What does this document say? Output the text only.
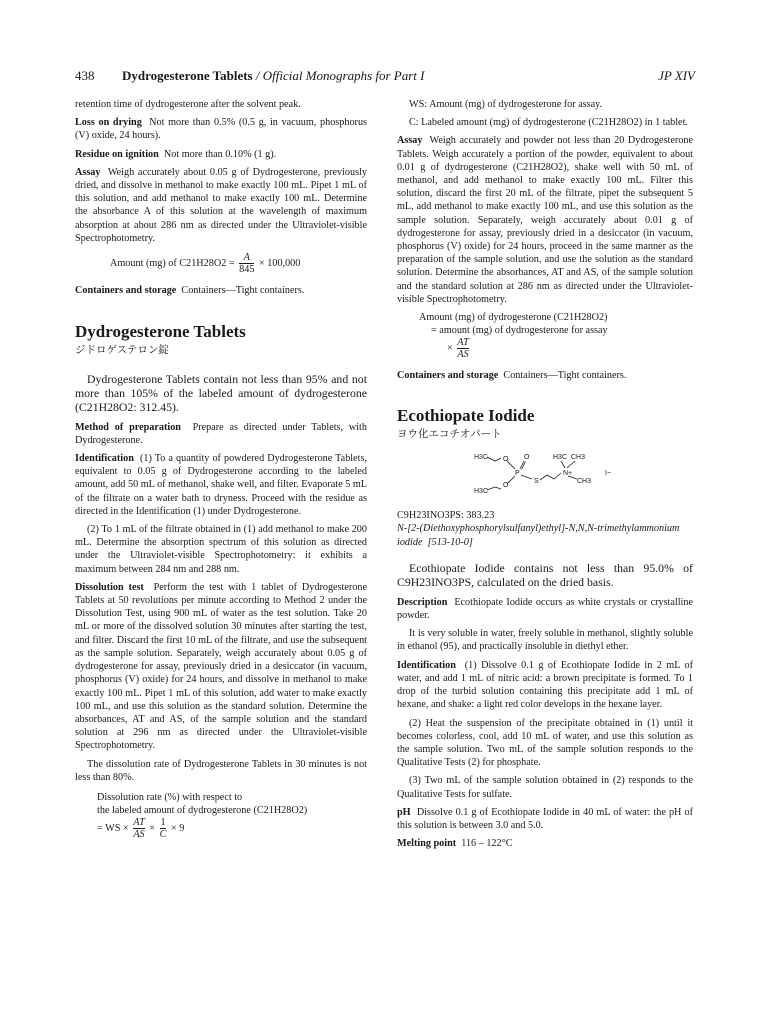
438 Dydrogesterone Tablets / Official Monographs for Part I	JP XIV

retention time of dydrogesterone after the solvent peak.

Loss on drying Not more than 0.5% (0.5 g, in vacuum, phosphorus (V) oxide, 24 hours).

Residue on ignition Not more than 0.10% (1 g).

Assay Weigh accurately about 0.05 g of Dydrogesterone, previously dried, and dissolve in methanol to make exactly 100 mL. Pipet 1 mL of this solution, and add methanol to make exactly 100 mL. Determine the absorbance A of this solution at the wavelength of maximum absorption at about 286 nm as directed under the Ultraviolet-visible Spectrophotometry.

Amount (mg) of $C21H28O2 = \frac{A}{845} \times 100,000$

Containers and storage Containers—Tight containers.

Dydrogesterone Tablets
ジドロゲステロン錠

Dydrogesterone Tablets contain not less than 95% and not more than 105% of the labeled amount of dydrogesterone (C21H28O2: 312.45).

Method of preparation Prepare as directed under Tablets, with Dydrogesterone.

Identification (1) To a quantity of powdered Dydrogesterone Tablets, equivalent to 0.05 g of Dydrogesterone according to the labeled amount, add 50 mL of methanol, shake well, and filter. Evaporate 5 mL of the filtrate on a water bath to dryness. Proceed with the residue as directed in the Identification (1) under Dydrogesterone.

(2) To 1 mL of the filtrate obtained in (1) add methanol to make 200 mL. Determine the absorption spectrum of this solution as directed under the Ultraviolet-visible Spectrophotometry: it exhibits a maximum between 284 nm and 288 nm.

Dissolution test Perform the test with 1 tablet of Dydrogesterone Tablets at 50 revolutions per minute according to Method 2 under the Dissolution Test, using 900 mL of water as the test solution. Take 20 mL or more of the dissolved solution 30 minutes after starting the test, and filter. Discard the first 10 mL of the filtrate, and use the subsequent as the sample solution. Separately, weigh accurately about 0.05 g of dydrogesterone for assay, previously dried in a desiccator (in vacuum, phosphorus (V) oxide) for 24 hours, and dissolve in methanol to make exactly 100 mL. Pipet 1 mL of this solution, add water to make exactly 100 mL, and use this solution as the standard solution. Determine the absorbances, AT and AS, of the sample solution and the standard solution at 296 nm as directed under the Ultraviolet-visible Spectrophotometry.

The dissolution rate of Dydrogesterone Tablets in 30 minutes is not less than 80%.

Dissolution rate (%) with respect to
the labeled amount of dydrogesterone (C21H28O2)
= WS × $\frac{AT}{AS} \times \frac{1}{C} \times 9$

WS: Amount (mg) of dydrogesterone for assay.

C: Labeled amount (mg) of dydrogesterone (C21H28O2) in 1 tablet.

Assay Weigh accurately and powder not less than 20 Dydrogesterone Tablets. Weigh accurately a portion of the powder, equivalent to about 0.01 g of dydrogesterone (C21H28O2), shake well with 50 mL of methanol, and add methanol to make exactly 100 mL. Filter this solution, discard the first 20 mL of the filtrate, pipet the subsequent 5 mL, add methanol to make exactly 100 mL, and use this solution as the sample solution. Separately, weigh accurately about 0.01 g of dydrogesterone for assay, previously dried in a desiccator (in vacuum, phosphorus (V) oxide) for 24 hours, proceed in the same manner as the preparation of the sample solution, and use the solution as the standard solution. Determine the absorbances, AT and AS, of the sample solution and the standard solution at 286 nm as directed under the Ultraviolet-visible Spectrophotometry.

Amount (mg) of dydrogesterone (C21H28O2)
= amount (mg) of dydrogesterone for assay
× $\frac{AT}{AS}$

Containers and storage Containers—Tight containers.

Ecothiopate Iodide
ヨウ化エコチオパート
H3C
H3C
O
O
O
P
S
N+
H3C CH3
CH3
I−

C9H23INO3PS: 383.23

N-[2-(Diethoxyphosphorylsulfanyl)ethyl]-N,N,N-trimethylammonium iodide [513-10-0]

Ecothiopate Iodide contains not less than 95.0% of C9H23INO3PS, calculated on the dried basis.

Description Ecothiopate Iodide occurs as white crystals or crystalline powder.

It is very soluble in water, freely soluble in methanol, slightly soluble in ethanol (95), and practically insoluble in diethyl ether.

Identification (1) Dissolve 0.1 g of Ecothiopate Iodide in 2 mL of water, and add 1 mL of nitric acid: a brown precipitate is formed. To 1 drop of the turbid solution containing this precipitate add 1 mL of hexane, and shake: a light red color develops in the hexane layer.

(2) Heat the suspension of the precipitate obtained in (1) until it becomes colorless, cool, add 10 mL of water, and use this solution as the sample solution. Two mL of the sample solution responds to the Qualitative Tests (2) for phosphate.

(3) Two mL of the sample solution obtained in (2) responds to the Qualitative Tests for sulfate.

pH Dissolve 0.1 g of Ecothiopate Iodide in 40 mL of water: the pH of this solution is between 3.0 and 5.0.

Melting point 116 – 122°C
